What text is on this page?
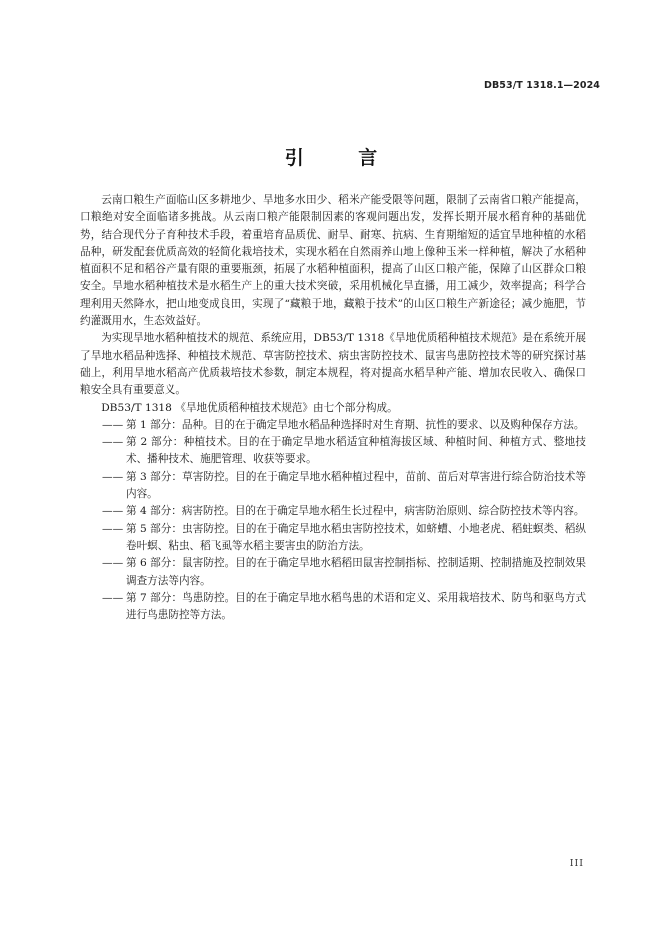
DB53/T 1318.1—2024
引 言

云南口粮生产面临山区多耕地少、旱地多水田少、稻米产能受限等问题，限制了云南省口粮产能提高，口粮绝对安全面临诸多挑战。从云南口粮产能限制因素的客观问题出发，发挥长期开展水稻育种的基础优势，结合现代分子育种技术手段，着重培育品质优、耐旱、耐寒、抗病、生育期缩短的适宜旱地种植的水稻品种，研发配套优质高效的轻简化栽培技术，实现水稻在自然雨养山地上像种玉米一样种植，解决了水稻种植面积不足和稻谷产量有限的重要瓶颈，拓展了水稻种植面积，提高了山区口粮产能，保障了山区群众口粮安全。旱地水稻种植技术是水稻生产上的重大技术突破，采用机械化旱直播，用工减少，效率提高；科学合理利用天然降水，把山地变成良田，实现了“藏粮于地，藏粮于技术”的山区口粮生产新途径；减少施肥，节约灌溉用水，生态效益好。

为实现旱地水稻种植技术的规范、系统应用，DB53/T 1318《旱地优质稻种植技术规范》是在系统开展了旱地水稻品种选择、种植技术规范、草害防控技术、病虫害防控技术、鼠害鸟患防控技术等的研究探讨基础上，利用旱地水稻高产优质栽培技术参数，制定本规程，将对提高水稻旱种产能、增加农民收入、确保口粮安全具有重要意义。

DB53/T 1318 《旱地优质稻种植技术规范》由七个部分构成。

—— 第 1 部分：品种。目的在于确定旱地水稻品种选择时对生育期、抗性的要求、以及购种保存方法。
—— 第 2 部分：种植技术。目的在于确定旱地水稻适宜种植海拔区域、种植时间、种植方式、整地技术、播种技术、施肥管理、收获等要求。
—— 第 3 部分：草害防控。目的在于确定旱地水稻种植过程中，苗前、苗后对草害进行综合防治技术等内容。
—— 第 4 部分：病害防控。目的在于确定旱地水稻生长过程中，病害防治原则、综合防控技术等内容。
—— 第 5 部分：虫害防控。目的在于确定旱地水稻虫害防控技术，如蛴螬、小地老虎、稻蛀螟类、稻纵卷叶螟、粘虫、稻飞虱等水稻主要害虫的防治方法。
—— 第 6 部分：鼠害防控。目的在于确定旱地水稻稻田鼠害控制指标、控制适期、控制措施及控制效果调查方法等内容。
—— 第 7 部分：鸟患防控。目的在于确定旱地水稻鸟患的术语和定义、采用栽培技术、防鸟和驱鸟方式进行鸟患防控等方法。
III
